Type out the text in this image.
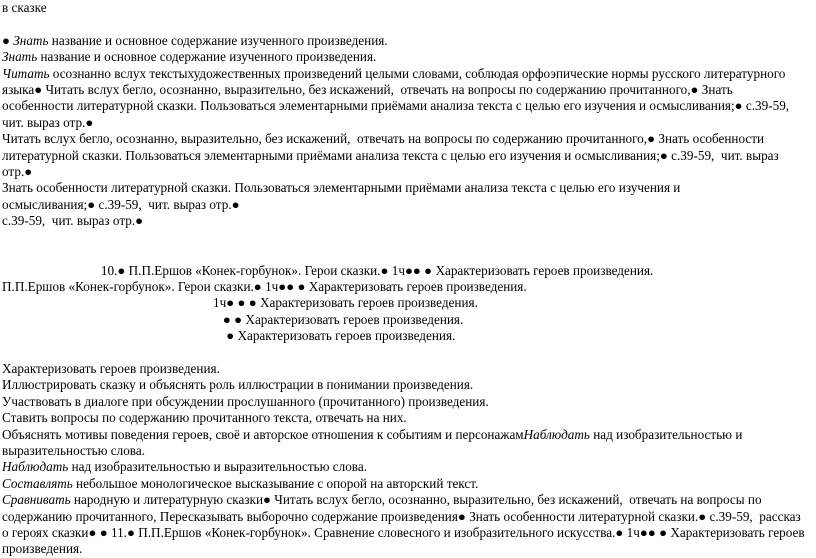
в сказке

● Знать название и основное содержание изученного произведения.
Знать название и основное содержание изученного произведения.
Читать осознанно вслух текстыхудожественных произведений целыми словами, соблюдая орфоэпические нормы русского литературного
языка● Читать вслух бегло, осознанно, выразительно, без искажений,  отвечать на вопросы по содержанию прочитанного,● Знать
особенности литературной сказки. Пользоваться элементарными приёмами анализа текста с целью его изучения и осмысливания;● с.39-59,
чит. выраз отр.●
Читать вслух бегло, осознанно, выразительно, без искажений,  отвечать на вопросы по содержанию прочитанного,● Знать особенности
литературной сказки. Пользоваться элементарными приёмами анализа текста с целью его изучения и осмысливания;● с.39-59,  чит. выраз
отр.●
Знать особенности литературной сказки. Пользоваться элементарными приёмами анализа текста с целью его изучения и
осмысливания;● с.39-59,  чит. выраз отр.●
с.39-59,  чит. выраз отр.●

10.● П.П.Ершов «Конек-горбунок». Герои сказки.● 1ч●● ● Характеризовать героев произведения.
П.П.Ершов «Конек-горбунок». Герои сказки.● 1ч●● ● Характеризовать героев произведения.
1ч● ● ● Характеризовать героев произведения.
● ● Характеризовать героев произведения.
● Характеризовать героев произведения.

Характеризовать героев произведения.
Иллюстрировать сказку и объяснять роль иллюстрации в понимании произведения.
Участвовать в диалоге при обсуждении прослушанного (прочитанного) произведения.
Ставить вопросы по содержанию прочитанного текста, отвечать на них.
Объяснять мотивы поведения героев, своё и авторское отношения к событиям и персонажамНаблюдать над изобразительностью и
выразительностью слова.
Наблюдать над изобразительностью и выразительностью слова.
Составлять небольшое монологическое высказывание с опорой на авторский текст.
Сравнивать народную и литературную сказки● Читать вслух бегло, осознанно, выразительно, без искажений,  отвечать на вопросы по
содержанию прочитанного, Пересказывать выборочно содержание произведения● Знать особенности литературной сказки.● с.39-59,  рассказ
о героях сказки● ● 11.● П.П.Ершов «Конек-горбунок». Сравнение словесного и изобразительного искусства.● 1ч●● ● Характеризовать героев
произведения.
